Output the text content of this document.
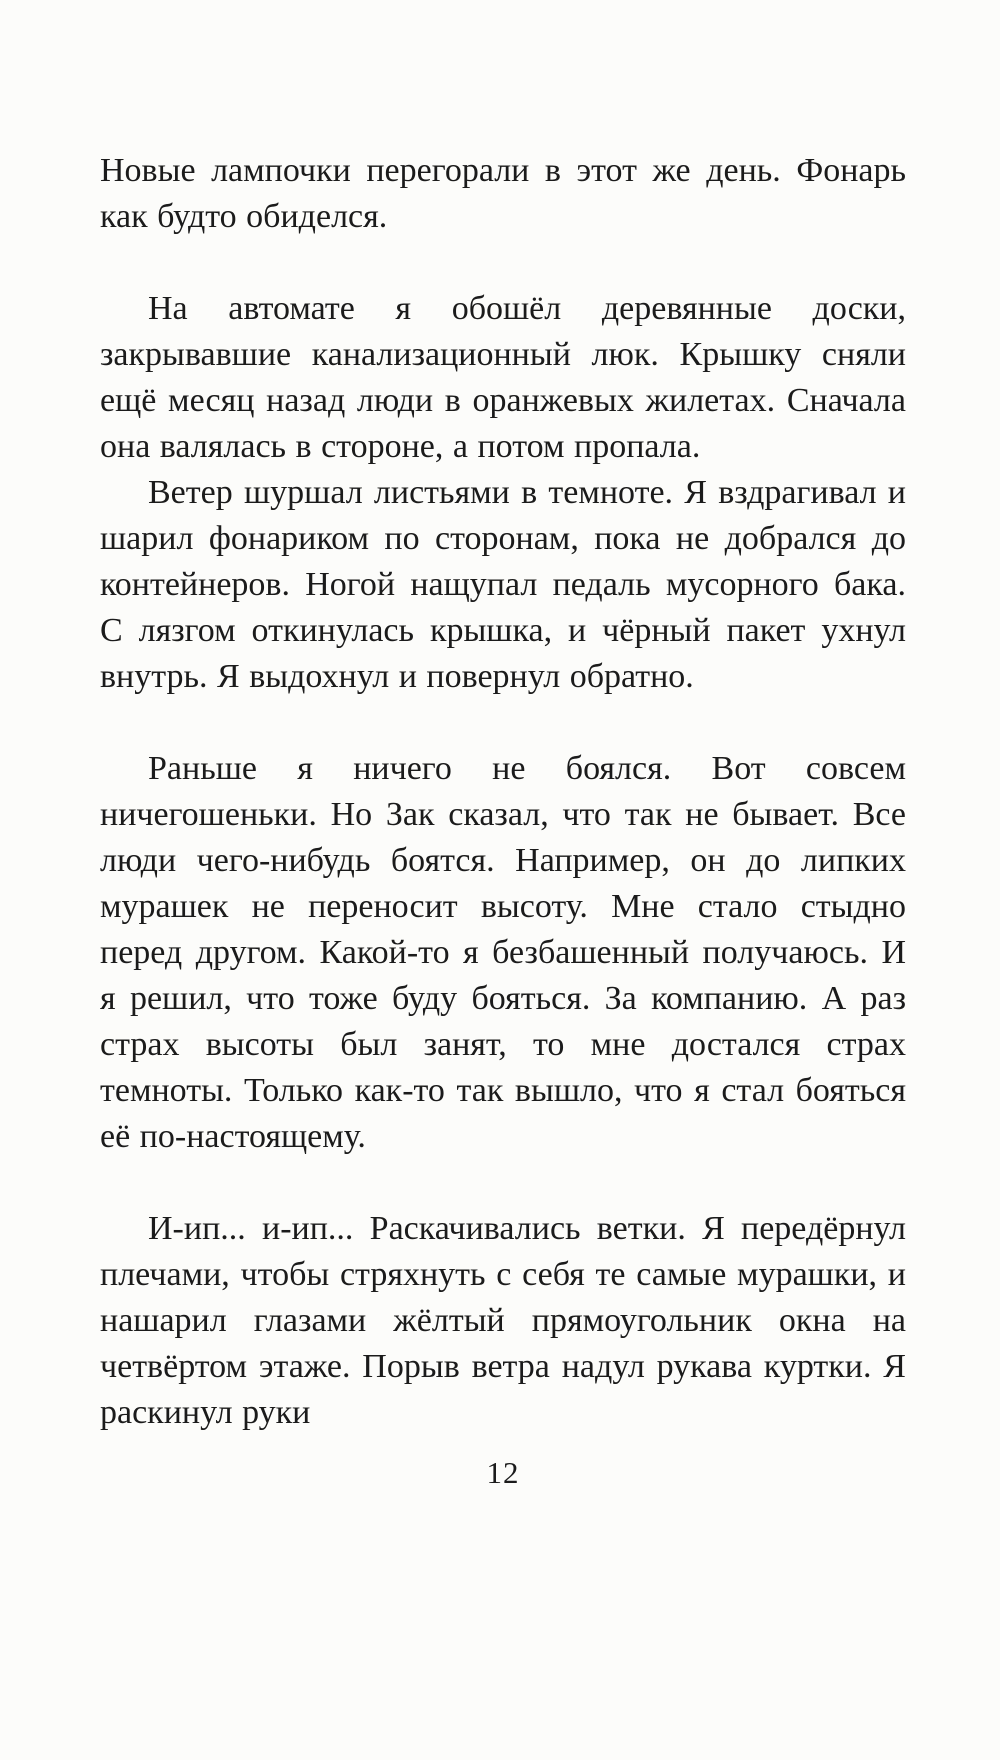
Новые лампочки перегорали в этот же день. Фонарь как будто обиделся.

На автомате я обошёл деревянные доски, закрывавшие канализационный люк. Крышку сняли ещё месяц назад люди в оранжевых жилетах. Сначала она валялась в стороне, а потом пропала.

Ветер шуршал листьями в темноте. Я вздрагивал и шарил фонариком по сторонам, пока не добрался до контейнеров. Ногой нащупал педаль мусорного бака. С лязгом откинулась крышка, и чёрный пакет ухнул внутрь. Я выдохнул и повернул обратно.

Раньше я ничего не боялся. Вот совсем ничегошеньки. Но Зак сказал, что так не бывает. Все люди чего-нибудь боятся. Например, он до липких мурашек не переносит высоту. Мне стало стыдно перед другом. Какой-то я безбашенный получаюсь. И я решил, что тоже буду бояться. За компанию. А раз страх высоты был занят, то мне достался страх темноты. Только как-то так вышло, что я стал бояться её по-настоящему.

И-ип... и-ип... Раскачивались ветки. Я передёрнул плечами, чтобы стряхнуть с себя те самые мурашки, и нашарил глазами жёлтый прямоугольник окна на четвёртом этаже. Порыв ветра надул рукава куртки. Я раскинул руки

12
